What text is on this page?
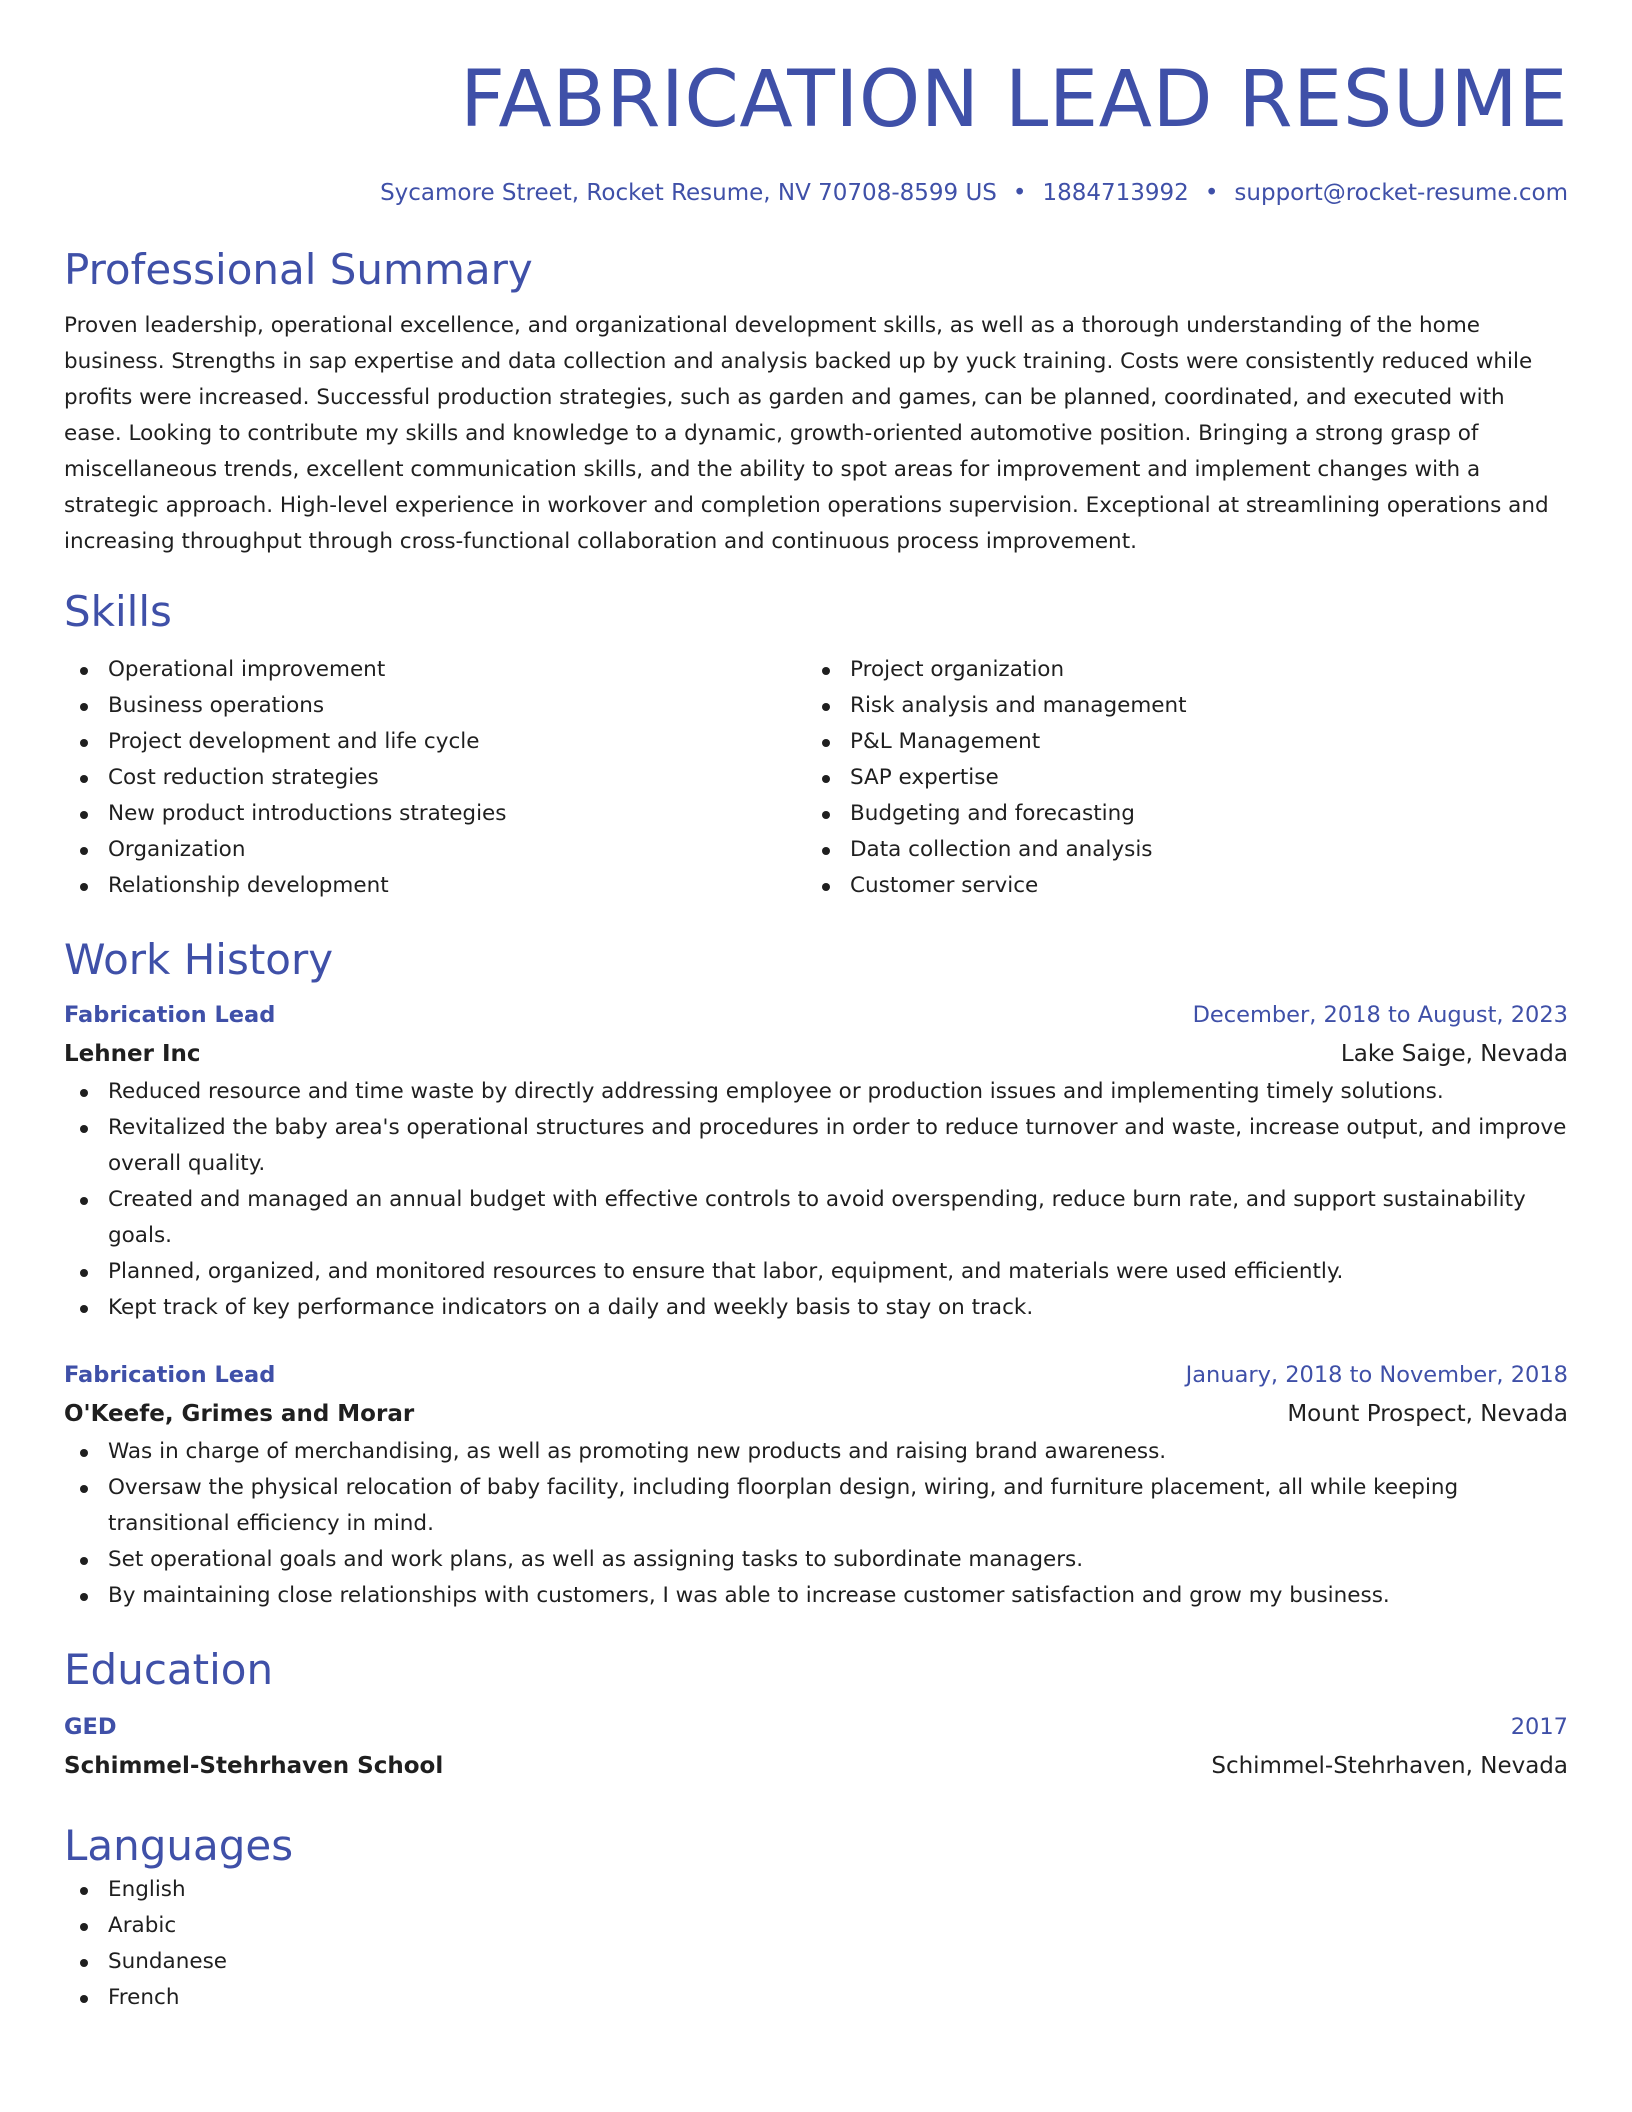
FABRICATION LEAD RESUME
Sycamore Street, Rocket Resume, NV 70708-8599 US • 1884713992 • support@rocket-resume.com
Professional Summary
Proven leadership, operational excellence, and organizational development skills, as well as a thorough understanding of the home business. Strengths in sap expertise and data collection and analysis backed up by yuck training. Costs were consistently reduced while profits were increased. Successful production strategies, such as garden and games, can be planned, coordinated, and executed with ease. Looking to contribute my skills and knowledge to a dynamic, growth-oriented automotive position. Bringing a strong grasp of miscellaneous trends, excellent communication skills, and the ability to spot areas for improvement and implement changes with a strategic approach. High-level experience in workover and completion operations supervision. Exceptional at streamlining operations and increasing throughput through cross-functional collaboration and continuous process improvement.
Skills
Operational improvement
Business operations
Project development and life cycle
Cost reduction strategies
New product introductions strategies
Organization
Relationship development
Project organization
Risk analysis and management
P&L Management
SAP expertise
Budgeting and forecasting
Data collection and analysis
Customer service
Work History
Fabrication Lead	December, 2018 to August, 2023
Lehner Inc	Lake Saige, Nevada
Reduced resource and time waste by directly addressing employee or production issues and implementing timely solutions.
Revitalized the baby area's operational structures and procedures in order to reduce turnover and waste, increase output, and improve overall quality.
Created and managed an annual budget with effective controls to avoid overspending, reduce burn rate, and support sustainability goals.
Planned, organized, and monitored resources to ensure that labor, equipment, and materials were used efficiently.
Kept track of key performance indicators on a daily and weekly basis to stay on track.
Fabrication Lead	January, 2018 to November, 2018
O'Keefe, Grimes and Morar	Mount Prospect, Nevada
Was in charge of merchandising, as well as promoting new products and raising brand awareness.
Oversaw the physical relocation of baby facility, including floorplan design, wiring, and furniture placement, all while keeping transitional efficiency in mind.
Set operational goals and work plans, as well as assigning tasks to subordinate managers.
By maintaining close relationships with customers, I was able to increase customer satisfaction and grow my business.
Education
GED	2017
Schimmel-Stehrhaven School	Schimmel-Stehrhaven, Nevada
Languages
English
Arabic
Sundanese
French
